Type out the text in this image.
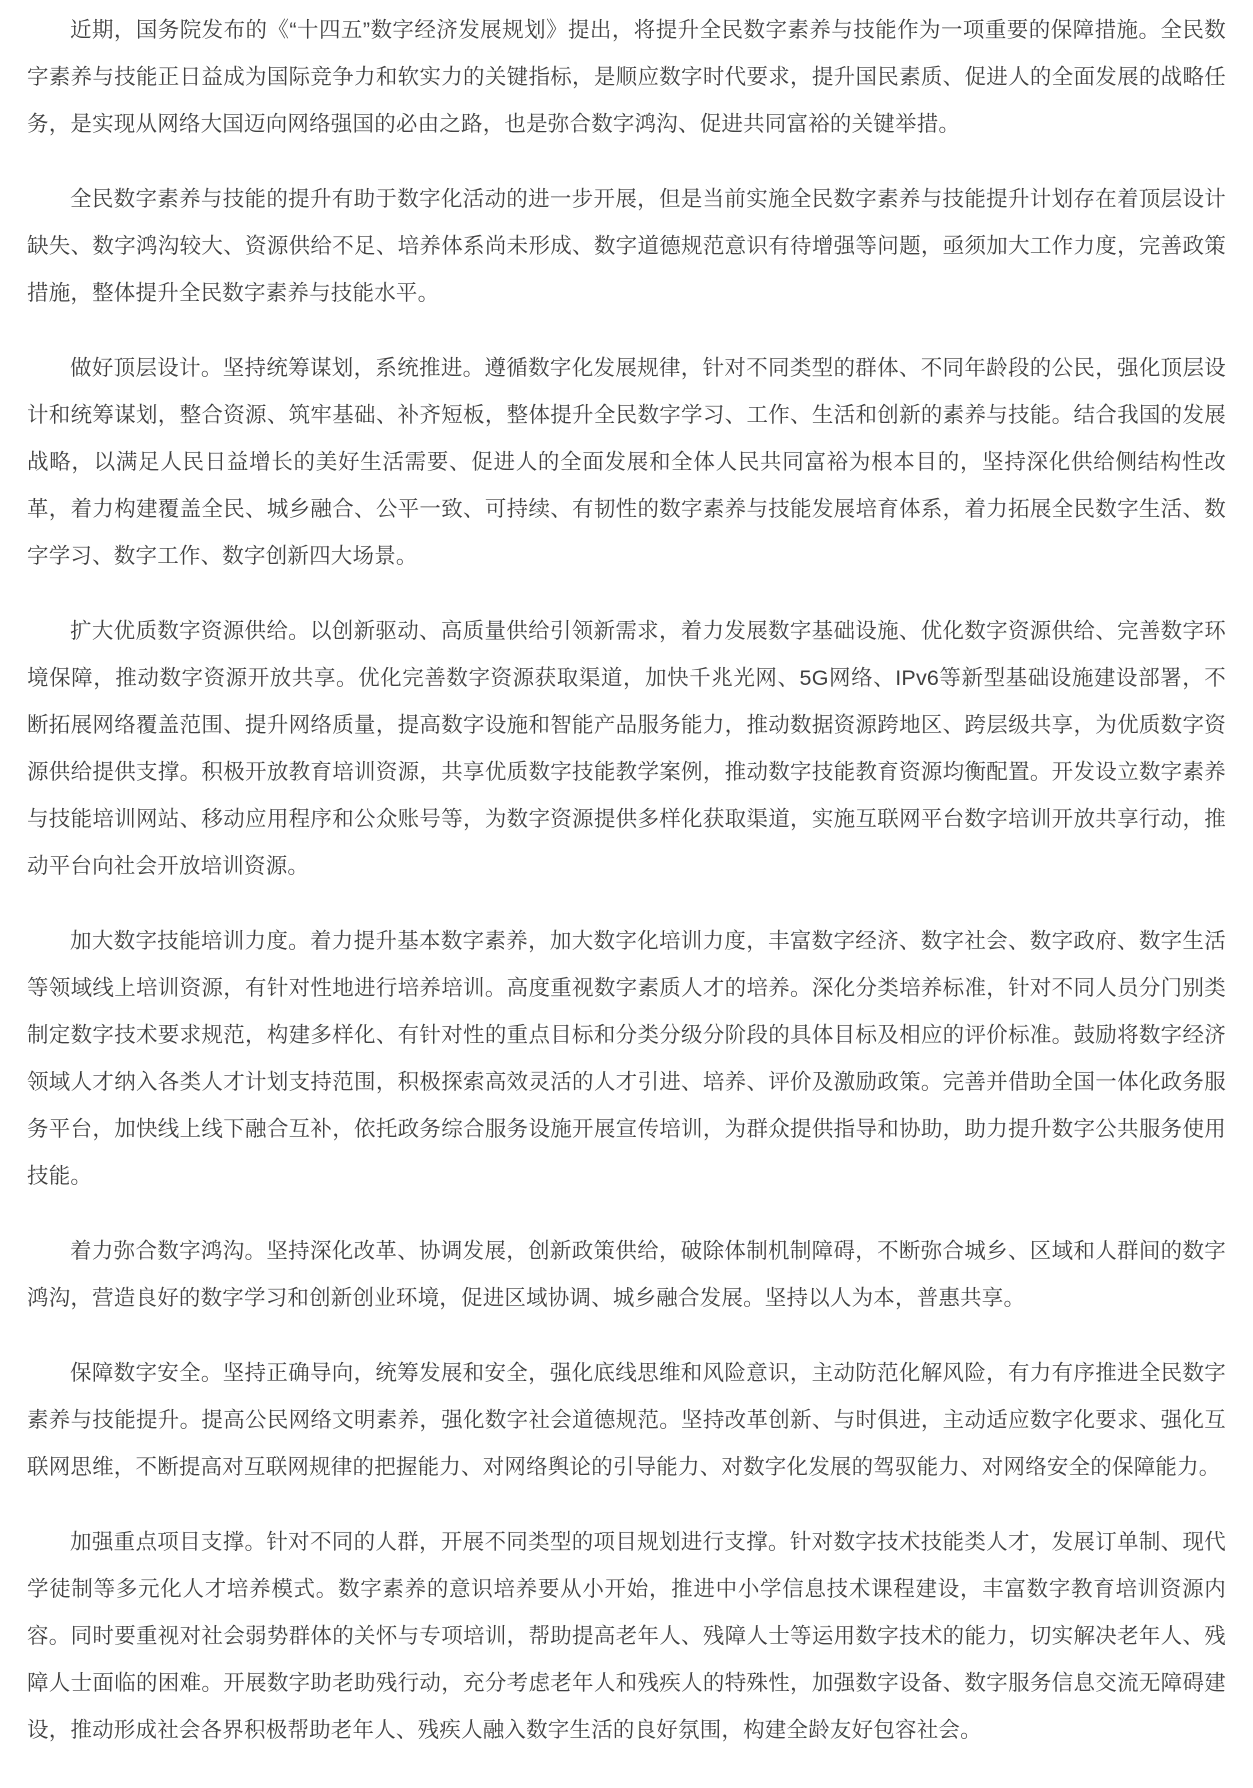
近期，国务院发布的《“十四五”数字经济发展规划》提出，将提升全民数字素养与技能作为一项重要的保障措施。全民数字素养与技能正日益成为国际竞争力和软实力的关键指标，是顺应数字时代要求，提升国民素质、促进人的全面发展的战略任务，是实现从网络大国迈向网络强国的必由之路，也是弥合数字鸿沟、促进共同富裕的关键举措。

全民数字素养与技能的提升有助于数字化活动的进一步开展，但是当前实施全民数字素养与技能提升计划存在着顶层设计缺失、数字鸿沟较大、资源供给不足、培养体系尚未形成、数字道德规范意识有待增强等问题，亟须加大工作力度，完善政策措施，整体提升全民数字素养与技能水平。

做好顶层设计。坚持统筹谋划，系统推进。遵循数字化发展规律，针对不同类型的群体、不同年龄段的公民，强化顶层设计和统筹谋划，整合资源、筑牢基础、补齐短板，整体提升全民数字学习、工作、生活和创新的素养与技能。结合我国的发展战略，以满足人民日益增长的美好生活需要、促进人的全面发展和全体人民共同富裕为根本目的，坚持深化供给侧结构性改革，着力构建覆盖全民、城乡融合、公平一致、可持续、有韧性的数字素养与技能发展培育体系，着力拓展全民数字生活、数字学习、数字工作、数字创新四大场景。

扩大优质数字资源供给。以创新驱动、高质量供给引领新需求，着力发展数字基础设施、优化数字资源供给、完善数字环境保障，推动数字资源开放共享。优化完善数字资源获取渠道，加快千兆光网、5G网络、IPv6等新型基础设施建设部署，不断拓展网络覆盖范围、提升网络质量，提高数字设施和智能产品服务能力，推动数据资源跨地区、跨层级共享，为优质数字资源供给提供支撑。积极开放教育培训资源，共享优质数字技能教学案例，推动数字技能教育资源均衡配置。开发设立数字素养与技能培训网站、移动应用程序和公众账号等，为数字资源提供多样化获取渠道，实施互联网平台数字培训开放共享行动，推动平台向社会开放培训资源。

加大数字技能培训力度。着力提升基本数字素养，加大数字化培训力度，丰富数字经济、数字社会、数字政府、数字生活等领域线上培训资源，有针对性地进行培养培训。高度重视数字素质人才的培养。深化分类培养标准，针对不同人员分门别类制定数字技术要求规范，构建多样化、有针对性的重点目标和分类分级分阶段的具体目标及相应的评价标准。鼓励将数字经济领域人才纳入各类人才计划支持范围，积极探索高效灵活的人才引进、培养、评价及激励政策。完善并借助全国一体化政务服务平台，加快线上线下融合互补，依托政务综合服务设施开展宣传培训，为群众提供指导和协助，助力提升数字公共服务使用技能。

着力弥合数字鸿沟。坚持深化改革、协调发展，创新政策供给，破除体制机制障碍，不断弥合城乡、区域和人群间的数字鸿沟，营造良好的数字学习和创新创业环境，促进区域协调、城乡融合发展。坚持以人为本，普惠共享。

保障数字安全。坚持正确导向，统筹发展和安全，强化底线思维和风险意识，主动防范化解风险，有力有序推进全民数字素养与技能提升。提高公民网络文明素养，强化数字社会道德规范。坚持改革创新、与时俱进，主动适应数字化要求、强化互联网思维，不断提高对互联网规律的把握能力、对网络舆论的引导能力、对数字化发展的驾驭能力、对网络安全的保障能力。

加强重点项目支撑。针对不同的人群，开展不同类型的项目规划进行支撑。针对数字技术技能类人才，发展订单制、现代学徒制等多元化人才培养模式。数字素养的意识培养要从小开始，推进中小学信息技术课程建设，丰富数字教育培训资源内容。同时要重视对社会弱势群体的关怀与专项培训，帮助提高老年人、残障人士等运用数字技术的能力，切实解决老年人、残障人士面临的困难。开展数字助老助残行动，充分考虑老年人和残疾人的特殊性，加强数字设备、数字服务信息交流无障碍建设，推动形成社会各界积极帮助老年人、残疾人融入数字生活的良好氛围，构建全龄友好包容社会。
